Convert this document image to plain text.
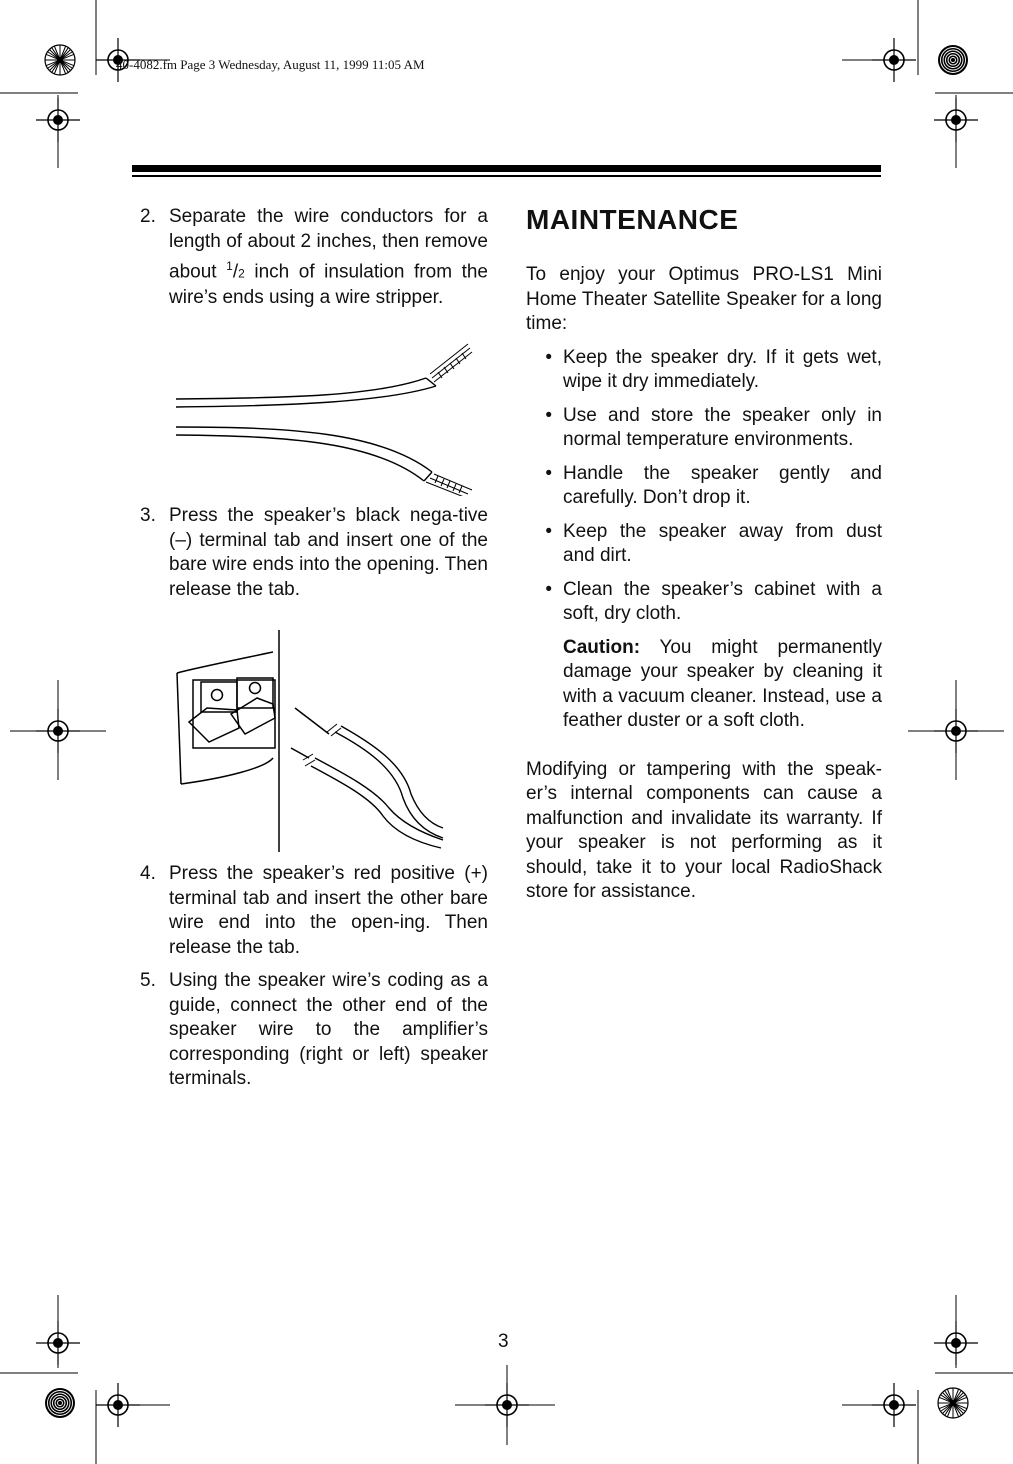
40-4082.fm Page 3 Wednesday, August 11, 1999 11:05 AM
2. Separate the wire conductors for a length of about 2 inches, then remove about $^1$/2 inch of insulation from the wire’s ends using a wire stripper.
3. Press the speaker’s black nega-tive (–) terminal tab and insert one of the bare wire ends into the opening. Then release the tab.
4. Press the speaker’s red positive (+) terminal tab and insert the other bare wire end into the open-ing. Then release the tab.
5. Using the speaker wire’s coding as a guide, connect the other end of the speaker wire to the amplifier’s corresponding (right or left) speaker terminals.
MAINTENANCE

To enjoy your Optimus PRO-LS1 Mini Home Theater Satellite Speaker for a long time:

• Keep the speaker dry. If it gets wet, wipe it dry immediately.
• Use and store the speaker only in normal temperature environments.
• Handle the speaker gently and carefully. Don’t drop it.
• Keep the speaker away from dust and dirt.
• Clean the speaker’s cabinet with a soft, dry cloth.

Caution: You might permanently damage your speaker by cleaning it with a vacuum cleaner. Instead, use a feather duster or a soft cloth.

Modifying or tampering with the speak-er’s internal components can cause a malfunction and invalidate its warranty. If your speaker is not performing as it should, take it to your local RadioShack store for assistance.

3
